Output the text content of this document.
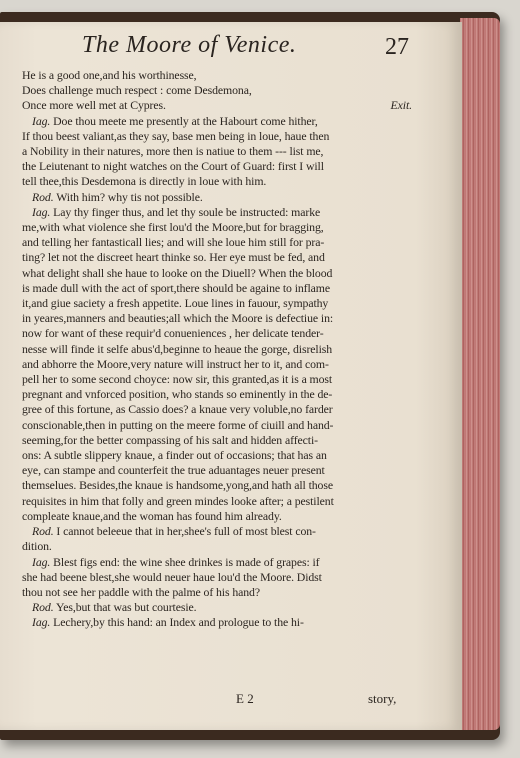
The Moore of Venice.	27
He is a good one,and his worthinesse,
Does challenge much respect : come Desdemona,
Once more well met at Cypres.	Exit.
Iag. Doe thou meete me presently at the Habourt come hither,
If thou beest valiant,as they say, base men being in loue, haue then
a Nobility in their natures, more then is natiue to them --- list me,
the Leiutenant to night watches on the Court of Guard: first I will
tell thee,this Desdemona is directly in loue with him.
Rod. With him? why tis not possible.
Iag. Lay thy finger thus, and let thy soule be instructed: marke
me,with what violence she first lou'd the Moore,but for bragging,
and telling her fantasticall lies; and will she loue him still for pra-
ting? let not the discreet heart thinke so. Her eye must be fed, and
what delight shall she haue to looke on the Diuell? When the blood
is made dull with the act of sport,there should be againe to inflame
it,and giue saciety a fresh appetite. Loue lines in fauour, sympathy
in yeares,manners and beauties;all which the Moore is defectiue in:
now for want of these requir'd conueniences , her delicate tender-
nesse will finde it selfe abus'd,beginne to heaue the gorge, disrelish
and abhorre the Moore,very nature will instruct her to it, and com-
pell her to some second choyce: now sir, this granted,as it is a most
pregnant and vnforced position, who stands so eminently in the de-
gree of this fortune, as Cassio does? a knaue very voluble,no farder
conscionable,then in putting on the meere forme of ciuill and hand-
seeming,for the better compassing of his salt and hidden affecti-
ons: A subtle slippery knaue, a finder out of occasions; that has an
eye, can stampe and counterfeit the true aduantages neuer present
themselues. Besides,the knaue is handsome,yong,and hath all those
requisites in him that folly and green mindes looke after; a pestilent
compleate knaue,and the woman has found him already.
Rod. I cannot beleeue that in her,shee's full of most blest con-
dition.
Iag. Blest figs end: the wine shee drinkes is made of grapes: if
she had beene blest,she would neuer haue lou'd the Moore. Didst
thou not see her paddle with the palme of his hand?
Rod. Yes,but that was but courtesie.
Iag. Lechery,by this hand: an Index and prologue to the hi-
E 2	story,
